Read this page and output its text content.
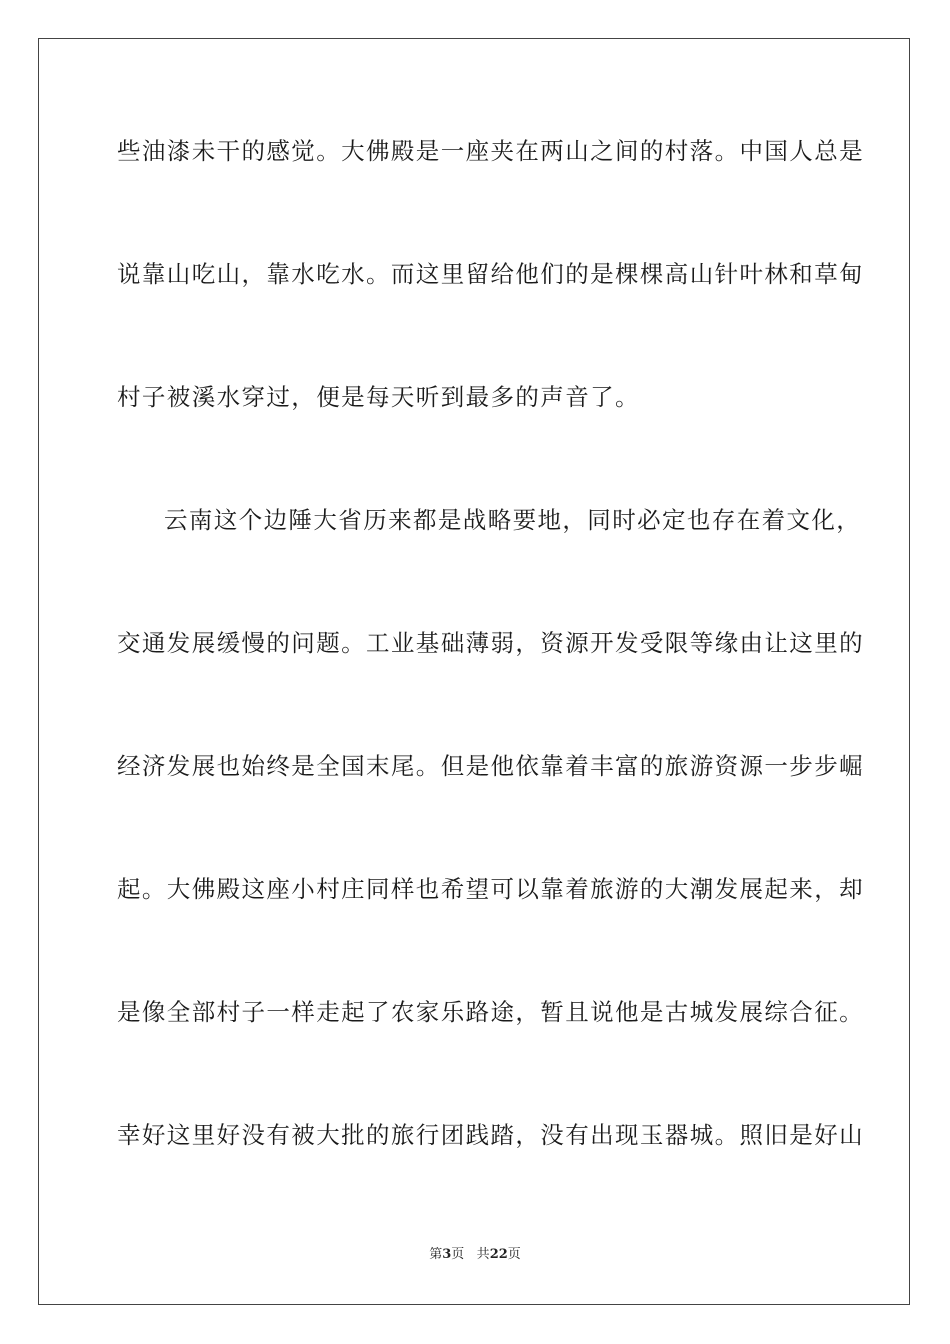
些油漆未干的感觉。大佛殿是一座夹在两山之间的村落。中国人总是
说靠山吃山，靠水吃水。而这里留给他们的是棵棵高山针叶林和草甸
村子被溪水穿过，便是每天听到最多的声音了。
云南这个边陲大省历来都是战略要地，同时必定也存在着文化，
交通发展缓慢的问题。工业基础薄弱，资源开发受限等缘由让这里的
经济发展也始终是全国末尾。但是他依靠着丰富的旅游资源一步步崛
起。大佛殿这座小村庄同样也希望可以靠着旅游的大潮发展起来，却
是像全部村子一样走起了农家乐路途，暂且说他是古城发展综合征。
幸好这里好没有被大批的旅行团践踏，没有出现玉器城。照旧是好山
第3页 共22页
